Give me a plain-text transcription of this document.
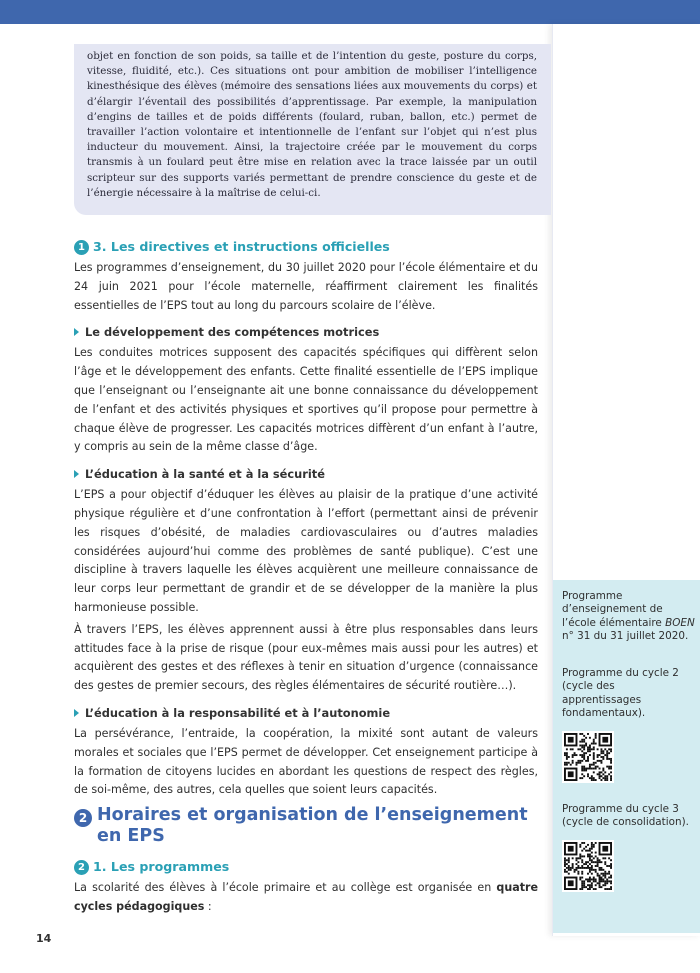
objet en fonction de son poids, sa taille et de l’intention du geste, posture du corps, vitesse, fluidité, etc.). Ces situations ont pour ambition de mobiliser l’intelligence kinesthésique des élèves (mémoire des sensations liées aux mouvements du corps) et d’élargir l’éventail des possibilités d’apprentissage. Par exemple, la manipulation d’engins de tailles et de poids différents (foulard, ruban, ballon, etc.) permet de travailler l’action volontaire et intentionnelle de l’enfant sur l’objet qui n’est plus inducteur du mouvement. Ainsi, la trajectoire créée par le mouvement du corps transmis à un foulard peut être mise en relation avec la trace laissée par un outil scripteur sur des supports variés permettant de prendre conscience du geste et de l’énergie nécessaire à la maîtrise de celui-ci.

1 3. Les directives et instructions officielles

Les programmes d’enseignement, du 30 juillet 2020 pour l’école élémentaire et du 24 juin 2021 pour l’école maternelle, réaffirment clairement les finalités essentielles de l’EPS tout au long du parcours scolaire de l’élève.

Le développement des compétences motrices

Les conduites motrices supposent des capacités spécifiques qui diffèrent selon l’âge et le développement des enfants. Cette finalité essentielle de l’EPS implique que l’enseignant ou l’enseignante ait une bonne connaissance du développement de l’enfant et des activités physiques et sportives qu’il propose pour permettre à chaque élève de progresser. Les capacités motrices diffèrent d’un enfant à l’autre, y compris au sein de la même classe d’âge.

L’éducation à la santé et à la sécurité

L’EPS a pour objectif d’éduquer les élèves au plaisir de la pratique d’une activité physique régulière et d’une confrontation à l’effort (permettant ainsi de prévenir les risques d’obésité, de maladies cardiovasculaires ou d’autres maladies considérées aujourd’hui comme des problèmes de santé publique). C’est une discipline à travers laquelle les élèves acquièrent une meilleure connaissance de leur corps leur permettant de grandir et de se développer de la manière la plus harmonieuse possible.

À travers l’EPS, les élèves apprennent aussi à être plus responsables dans leurs attitudes face à la prise de risque (pour eux-mêmes mais aussi pour les autres) et acquièrent des gestes et des réflexes à tenir en situation d’urgence (connaissance des gestes de premier secours, des règles élémentaires de sécurité routière…).

L’éducation à la responsabilité et à l’autonomie

La persévérance, l’entraide, la coopération, la mixité sont autant de valeurs morales et sociales que l’EPS permet de développer. Cet enseignement participe à la formation de citoyens lucides en abordant les questions de respect des règles, de soi-même, des autres, cela quelles que soient leurs capacités.

2 Horaires et organisation de l’enseignement en EPS
2 1. Les programmes

La scolarité des élèves à l’école primaire et au collège est organisée en quatre cycles pédagogiques :

Programme d’enseignement de l’école élémentaire BOEN n° 31 du 31 juillet 2020.
Programme du cycle 2 (cycle des apprentissages fondamentaux).
Programme du cycle 3 (cycle de consolidation).
14
